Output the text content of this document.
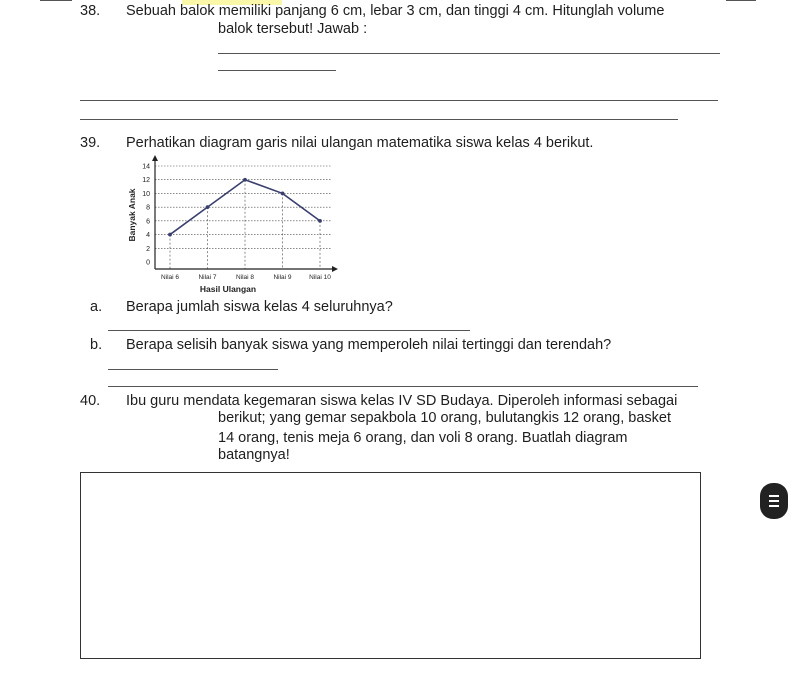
38. Sebuah balok memiliki panjang 6 cm, lebar 3 cm, dan tinggi 4 cm. Hitunglah volume
balok tersebut! Jawab :
39. Perhatikan diagram garis nilai ulangan matematika siswa kelas 4 berikut.
0
2
4
6
8
10
12
14
Nilai 6	Nilai 7	Nilai 8	Nilai 9	Nilai 10
Banyak Anak
Hasil Ulangan
a. Berapa jumlah siswa kelas 4 seluruhnya?
b. Berapa selisih banyak siswa yang memperoleh nilai tertinggi dan terendah?
40. Ibu guru mendata kegemaran siswa kelas IV SD Budaya. Diperoleh informasi sebagai
berikut; yang gemar sepakbola 10 orang, bulutangkis 12 orang, basket
14 orang, tenis meja 6 orang, dan voli 8 orang. Buatlah diagram
batangnya!
